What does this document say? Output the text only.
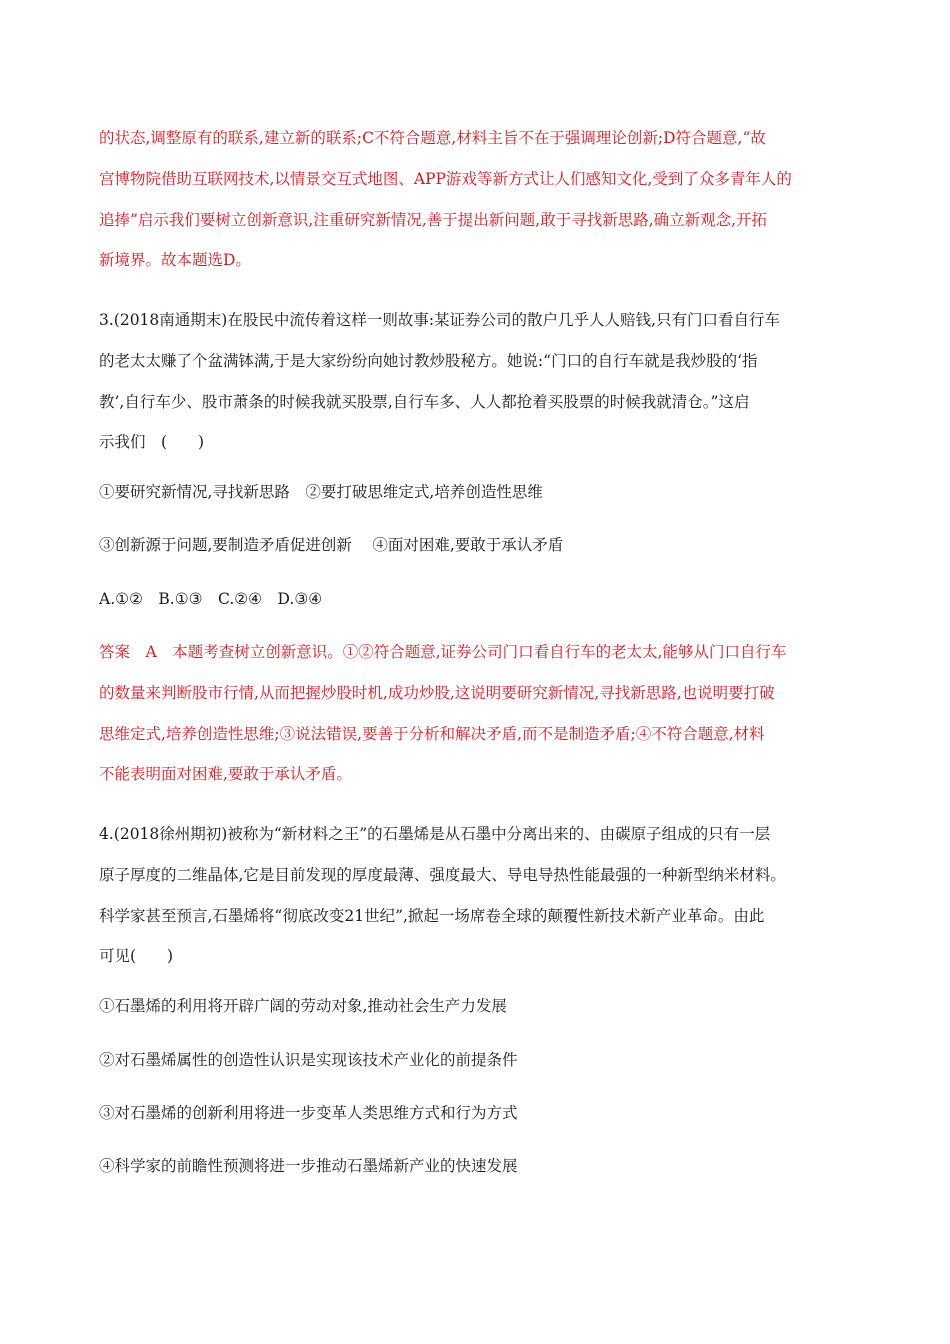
的状态,调整原有的联系,建立新的联系;C不符合题意,材料主旨不在于强调理论创新;D符合题意,“故
宫博物院借助互联网技术,以情景交互式地图、APP游戏等新方式让人们感知文化,受到了众多青年人的
追捧”启示我们要树立创新意识,注重研究新情况,善于提出新问题,敢于寻找新思路,确立新观念,开拓
新境界。故本题选D。
3.(2018南通期末)在股民中流传着这样一则故事:某证券公司的散户几乎人人赔钱,只有门口看自行车
的老太太赚了个盆满钵满,于是大家纷纷向她讨教炒股秘方。她说:“门口的自行车就是我炒股的‘指
教’,自行车少、股市萧条的时候我就买股票,自行车多、人人都抢着买股票的时候我就清仓。”这启
示我们　(　　)
①要研究新情况,寻找新思路　②要打破思维定式,培养创造性思维
③创新源于问题,要制造矛盾促进创新　 ④面对困难,要敢于承认矛盾
A.①②　B.①③　C.②④　D.③④
答案　A　本题考查树立创新意识。①②符合题意,证券公司门口看自行车的老太太,能够从门口自行车
的数量来判断股市行情,从而把握炒股时机,成功炒股,这说明要研究新情况,寻找新思路,也说明要打破
思维定式,培养创造性思维;③说法错误,要善于分析和解决矛盾,而不是制造矛盾;④不符合题意,材料
不能表明面对困难,要敢于承认矛盾。
4.(2018徐州期初)被称为“新材料之王”的石墨烯是从石墨中分离出来的、由碳原子组成的只有一层
原子厚度的二维晶体,它是目前发现的厚度最薄、强度最大、导电导热性能最强的一种新型纳米材料。
科学家甚至预言,石墨烯将“彻底改变21世纪”,掀起一场席卷全球的颠覆性新技术新产业革命。由此
可见(　　)
①石墨烯的利用将开辟广阔的劳动对象,推动社会生产力发展
②对石墨烯属性的创造性认识是实现该技术产业化的前提条件
③对石墨烯的创新利用将进一步变革人类思维方式和行为方式
④科学家的前瞻性预测将进一步推动石墨烯新产业的快速发展
